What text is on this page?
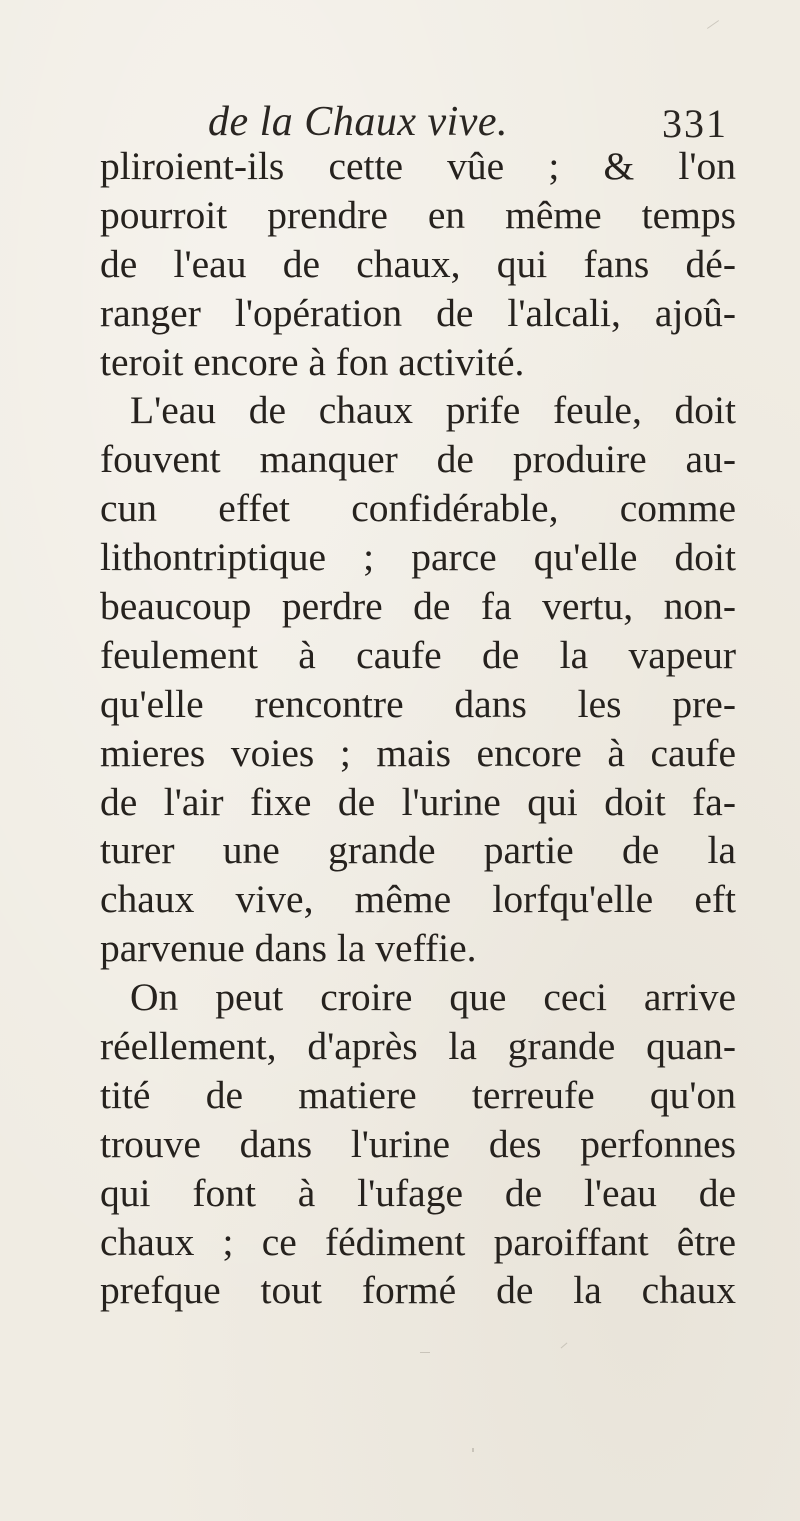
de la Chaux vive.	331
pliroient-ils cette vûe ; & l'on
pourroit prendre en même temps
de l'eau de chaux, qui fans dé-
ranger l'opération de l'alcali, ajoû-
teroit encore à fon activité.
L'eau de chaux prife feule, doit
fouvent manquer de produire au-
cun effet confidérable, comme
lithontriptique ; parce qu'elle doit
beaucoup perdre de fa vertu, non-
feulement à caufe de la vapeur
qu'elle rencontre dans les pre-
mieres voies ; mais encore à caufe
de l'air fixe de l'urine qui doit fa-
turer une grande partie de la
chaux vive, même lorfqu'elle eft
parvenue dans la veffie.
On peut croire que ceci arrive
réellement, d'après la grande quan-
tité de matiere terreufe qu'on
trouve dans l'urine des perfonnes
qui font à l'ufage de l'eau de
chaux ; ce fédiment paroiffant être
prefque tout formé de la chaux
